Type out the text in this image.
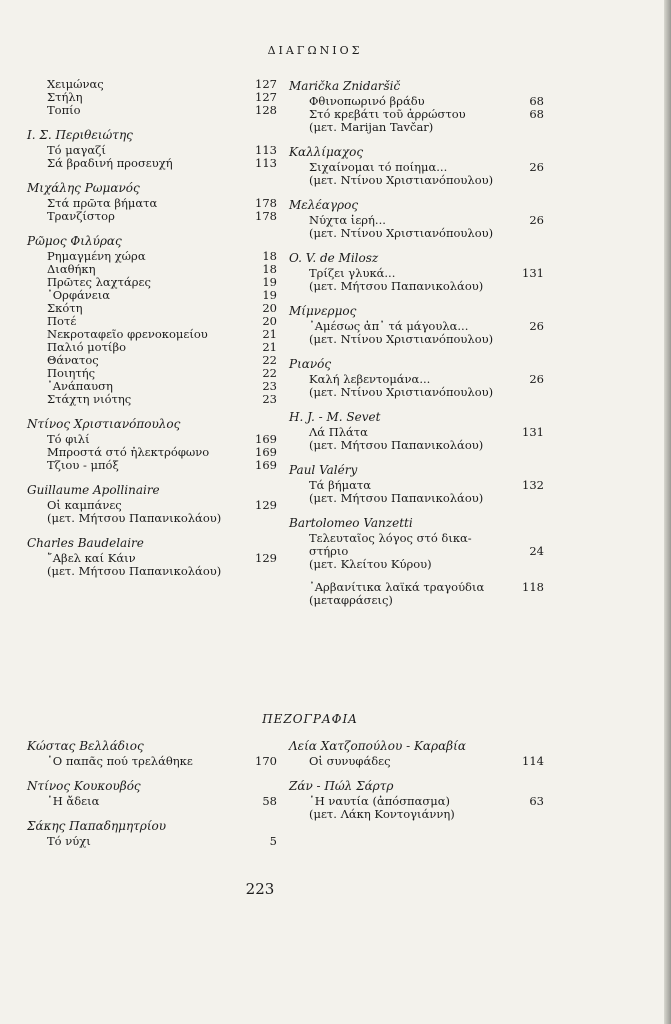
ΔΙΑΓΩΝΙΟΣ
Χειμώνας	127
Στήλη	127
Τοπίο	128
Ι. Σ. Περιθειώτης
Τό μαγαζί	113
Σά βραδινή προσευχή	113
Μιχάλης Ρωμανός
Στά πρῶτα βήματα	178
Τρανζίστορ	178
Ρῶμος Φιλύρας
Ρημαγμένη χώρα	18
Διαθήκη	18
Πρῶτες λαχτάρες	19
᾿Ορφάνεια	19
Σκότη	20
Ποτέ	20
Νεκροταφεῖο φρενοκομείου	21
Παλιό μοτίβο	21
Θάνατος	22
Ποιητής	22
᾿Ανάπαυση	23
Στάχτη νιότης	23
Ντίνος Χριστιανόπουλος
Τό φιλί	169
Μπροστά στό ἠλεκτρόφωνο	169
Τζιου - μπόξ	169
Guillaume Apollinaire
Οἱ καμπάνες	129
(μετ. Μήτσου Παπανικολάου)
Charles Baudelaire
῎Αβελ καί Κάιν	129
(μετ. Μήτσου Παπανικολάου)
Marička Znidaršič
Φθινοπωρινό βράδυ	68
Στό κρεβάτι τοῦ ἀρρώστου	68
(μετ. Marijan Tavčar)
Καλλίμαχος
Σιχαίνομαι τό ποίημα...	26
(μετ. Ντίνου Χριστιανόπουλου)
Μελέαγρος
Νύχτα ἱερή...	26
(μετ. Ντίνου Χριστιανόπουλου)
O. V. de Milosz
Τρίζει γλυκά...	131
(μετ. Μήτσου Παπανικολάου)
Μίμνερμος
᾿Αμέσως ἀπ᾿ τά μάγουλα...	26
(μετ. Ντίνου Χριστιανόπουλου)
Ριανός
Καλή λεβεντομάνα...	26
(μετ. Ντίνου Χριστιανόπουλου)
H. J. - M. Sevet
Λά Πλάτα	131
(μετ. Μήτσου Παπανικολάου)
Paul Valéry
Τά βήματα	132
(μετ. Μήτσου Παπανικολάου)
Bartolomeo Vanzetti
Τελευταῖος λόγος στό δικα-
στήριο	24
(μετ. Κλείτου Κύρου)
᾿Αρβανίτικα λαϊκά τραγούδια	118
(μεταφράσεις)
ΠΕΖΟΓΡΑΦΙΑ
Κώστας Βελλάδιος
῾Ο παπᾶς πού τρελάθηκε	170
Ντίνος Κουκουβός
῾Η ἄδεια	58
Σάκης Παπαδημητρίου
Τό νύχι	5
Λεία Χατζοπούλου - Καραβία
Οἱ συνυφάδες	114
Ζάν - Πώλ Σάρτρ
῾Η ναυτία (ἀπόσπασμα)	63
(μετ. Λάκη Κοντογιάννη)
223
